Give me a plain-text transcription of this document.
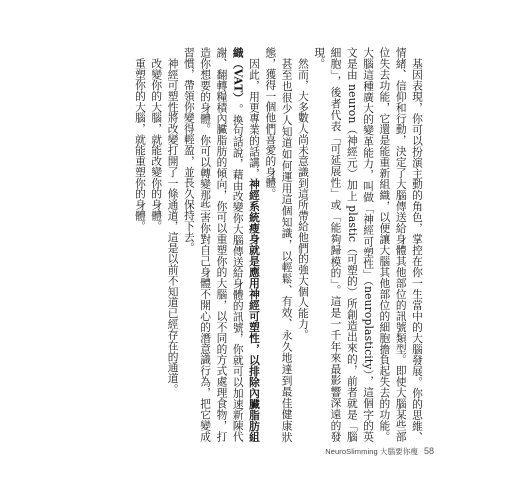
基因表現，你可以扮演主動的角色，掌控在你一生當中的大腦發展。你的思維、情緒、信仰和行動，決定了大腦傳送給身體其他部位的訊號類型。即使大腦某些部位失去功能，它還是能重新組織，以便讓大腦其他部位的細胞擔負起失去的功能。大腦這種廣大的變革能力，叫做「神經可塑性」（neuroplasticity），這個字的英文是由 neuron（神經元）加上 plastic（可塑的）所創造出來的，前者就是「腦細胞」，後者代表「可延展性」或「能夠歸模的」。這是一千年來最影響深遠的發現。

然而，大多數人尚未意識到這所帶給他們的強大個人能力。

甚至也很少人知道如何運用這個知識，以輕鬆、有效、永久地達到最佳健康狀態，獲得一個他們喜愛的身體。

因此，用更專業的話講，神經系統瘦身就是應用神經可塑性，以排除內臟脂肪組織（VAT）。換句話說，藉由改變你大腦傳送給身體的訊號，你就可以加速新陳代謝、翻轉糧積內臟脂肪的傾向，你可以重塑你的大腦，以不同的方式處理食物，打造你想要的身體。你可以轉變那些害你對自己身體不開心的潛意識行為，把它變成習慣，帶領你變得輕盈，並長久保持下去。

神經可塑性將改變打開了一條通道，這是以前不知道已經存在的通道。

改變你的大腦，就能改變你的身體。

重塑你的大腦，就能重塑你的身體。

NeuroSlimming 大腦要你瘦 58
